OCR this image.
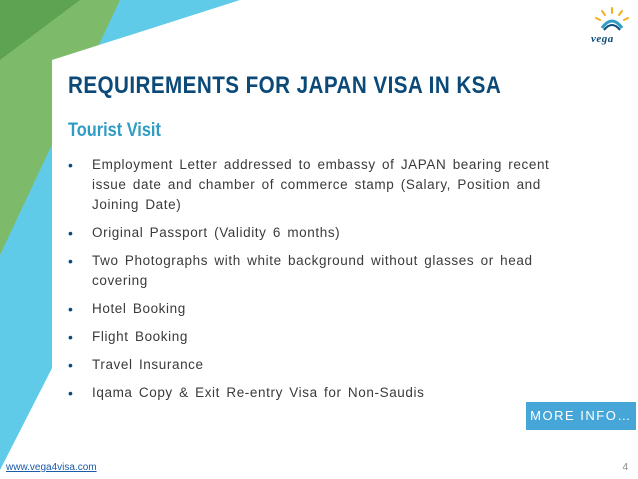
vega
REQUIREMENTS FOR JAPAN VISA IN KSA
Tourist Visit
• Employment Letter addressed to embassy of JAPAN bearing recent issue date and chamber of commerce stamp (Salary, Position and Joining Date)
• Original Passport (Validity 6 months)
• Two Photographs with white background without glasses or head covering
• Hotel Booking
• Flight Booking
• Travel Insurance
• Iqama Copy & Exit Re-entry Visa for Non-Saudis
MORE INFO…
www.vega4visa.com	4
